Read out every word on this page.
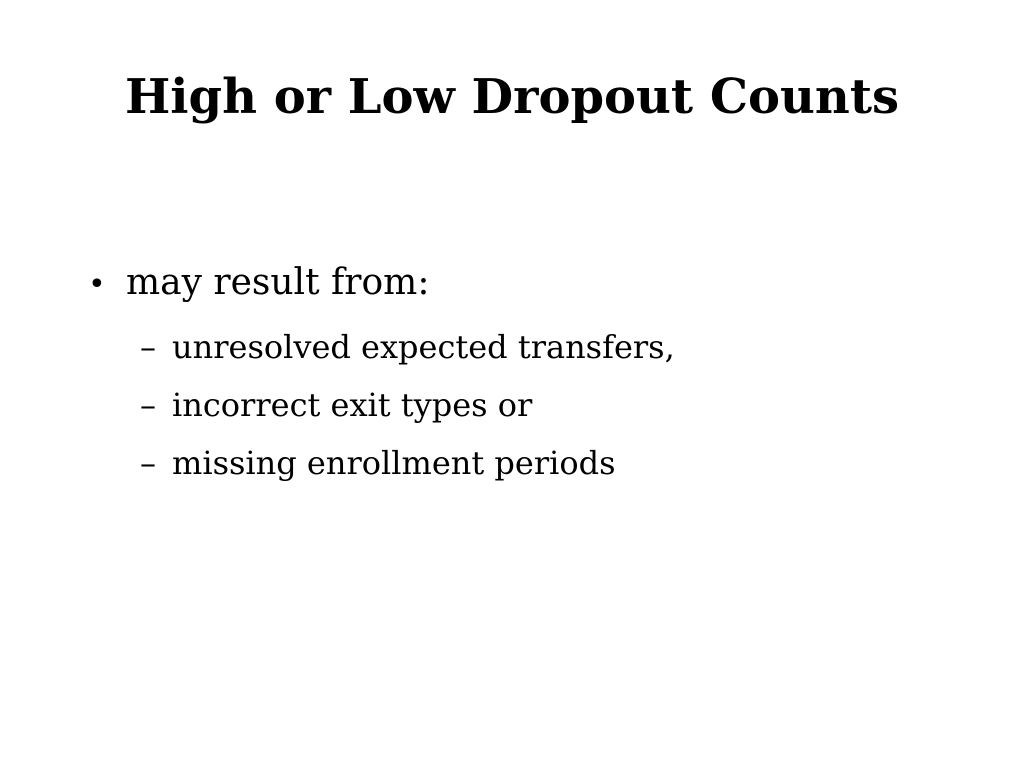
High or Low Dropout Counts
• may result from:
– unresolved expected transfers,
– incorrect exit types or
– missing enrollment periods
